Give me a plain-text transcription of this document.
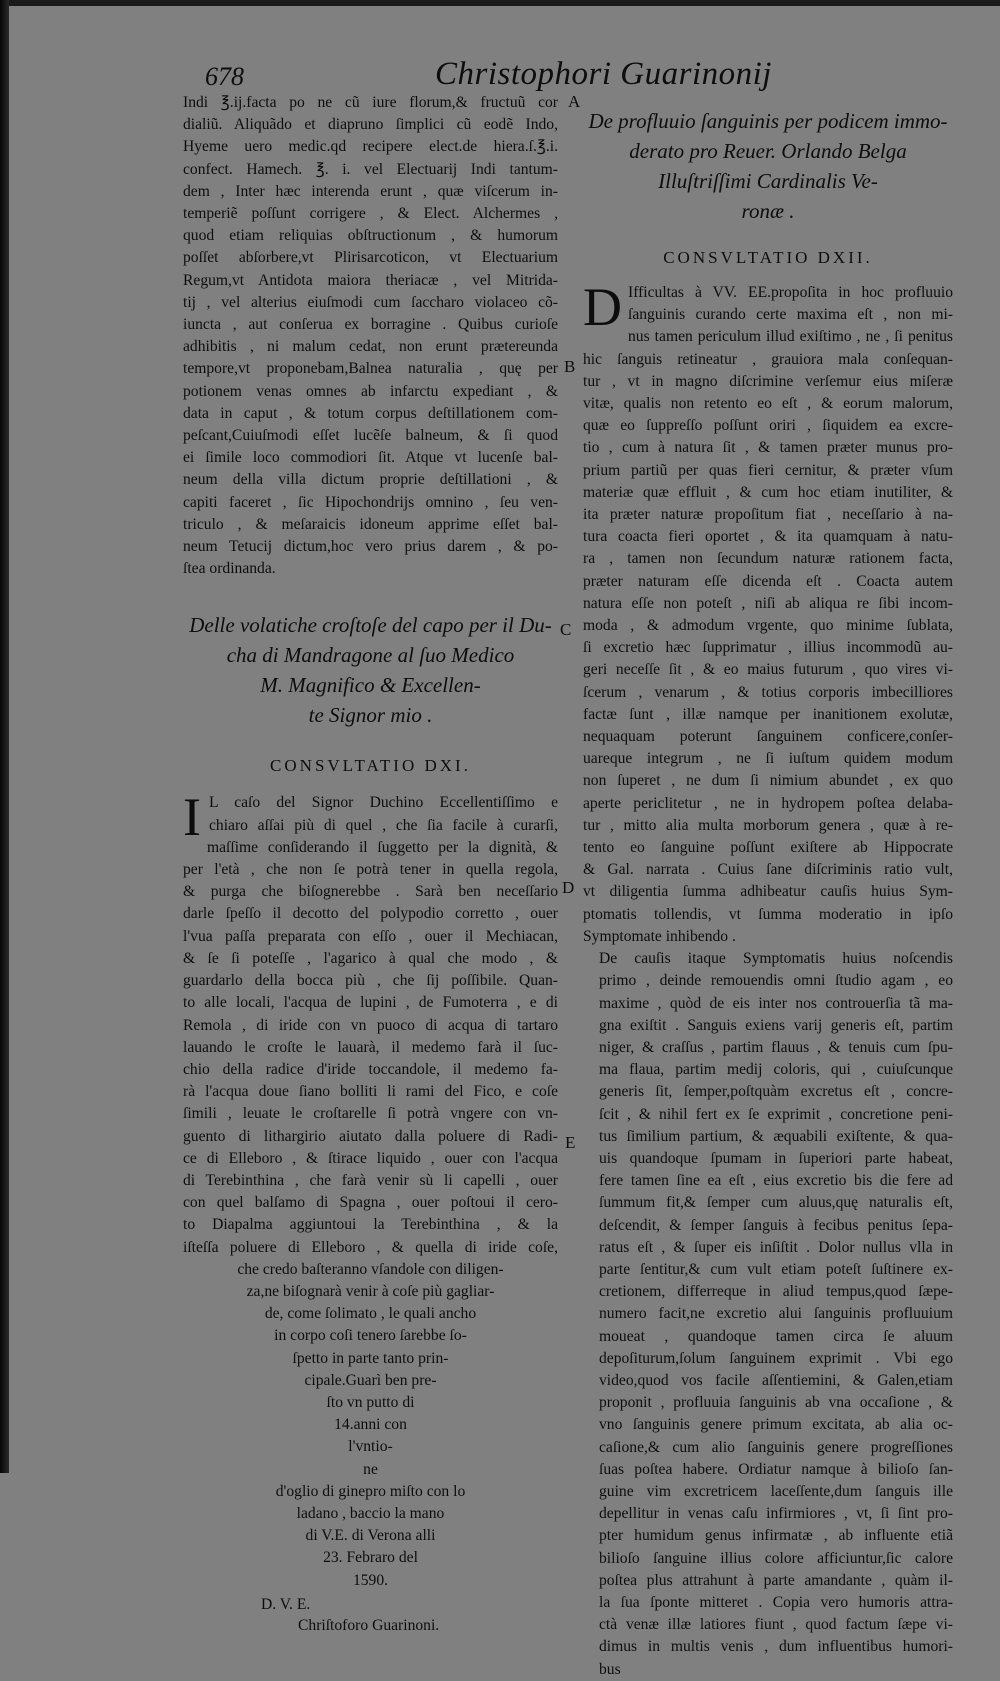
678	Christophori Guarinonij
A
B
C
D
E
Indi ℥.ij.facta po ne cũ iure florum,& fructuũ cor
dialiũ. Aliquãdo et diapruno ſimplici cũ eodẽ Indo,
Hyeme uero medic.qd recipere elect.de hiera.ſ.℥.i.
confect. Hamech. ℥. i. vel Electuarij Indi tantum-
dem , Inter hæc interenda erunt , quæ viſcerum in-
temperiẽ poſſunt corrigere , & Elect. Alchermes ,
quod etiam reliquias obſtructionum , & humorum
poſſet abſorbere,vt Plirisarcoticon, vt Electuarium
Regum,vt Antidota maiora theriacæ , vel Mitrida-
tij , vel alterius eiuſmodi cum ſaccharo violaceo cõ-
iuncta , aut conſerua ex borragine . Quibus curioſe
adhibitis , ni malum cedat, non erunt prætereunda
tempore,vt proponebam,Balnea naturalia , quę per
potionem venas omnes ab infarctu expediant , &
data in caput , & totum corpus deſtillationem com-
peſcant,Cuiuſmodi eſſet lucẽſe balneum, & ſi quod
ei ſimile loco commodiori ſit. Atque vt lucenſe bal-
neum della villa dictum proprie deſtillationi , &
capiti faceret , ſic Hipochondrijs omnino , ſeu ven-
triculo , & meſaraicis idoneum apprime eſſet bal-
neum Tetucij dictum,hoc vero prius darem , & po-
ſtea ordinanda.
Delle volatiche croſtoſe del capo per il Du-
cha di Mandragone al ſuo Medico
M. Magnifico & Excellen-
te Signor mio .

CONSVLTATIO DXI.

I L caſo del Signor Duchino Eccellentiſſimo e
chiaro aſſai più di quel , che ſia facile à curarſi,
maſſime conſiderando il ſuggetto per la dignità, &
per l'età , che non ſe potrà tener in quella regola,
& purga che biſognerebbe . Sarà ben neceſſario
darle ſpeſſo il decotto del polypodio corretto , ouer
l'vua paſſa preparata con eſſo , ouer il Mechiacan,
& ſe ſi poteſſe , l'agarico à qual che modo , &
guardarlo della bocca più , che ſij poſſibile. Quan-
to alle locali, l'acqua de lupini , de Fumoterra , e di
Remola , di iride con vn puoco di acqua di tartaro
lauando le croſte le lauarà, il medemo farà il ſuc-
chio della radice d'iride toccandole, il medemo fa-
rà l'acqua doue ſiano bolliti li rami del Fico, e coſe
ſimili , leuate le croſtarelle ſi potrà vngere con vn-
guento di lithargirio aiutato dalla poluere di Radi-
ce di Elleboro , & ſtirace liquido , ouer con l'acqua
di Terebinthina , che farà venir sù li capelli , ouer
con quel balſamo di Spagna , ouer poſtoui il cero-
to Diapalma aggiuntoui la Terebinthina , & la
iſteſſa poluere di Elleboro , & quella di iride coſe,
che credo baſteranno vſandole con diligen-
za,ne biſognarà venir à coſe più gagliar-
de, come ſolimato , le quali ancho
in corpo coſi tenero ſarebbe ſo-
ſpetto in parte tanto prin-
cipale.Guarì ben pre-
ſto vn putto di
14.anni con
l'vntio-
ne
d'oglio di ginepro miſto con lo
ladano , baccio la mano
di V.E. di Verona alli
23. Febraro del
1590.
D. V. E.
Chriſtoforo Guarinoni.
De profluuio ſanguinis per podicem immo-
derato pro Reuer. Orlando Belga
Illuſtriſſimi Cardinalis Ve-
ronæ .

CONSVLTATIO DXII.

D Ifficultas à VV. EE.propoſita in hoc profluuio
ſanguinis curando certe maxima eſt , non mi-
nus tamen periculum illud exiſtimo , ne , ſi penitus
hic ſanguis retineatur , grauiora mala conſequan-
tur , vt in magno diſcrimine verſemur eius miſeræ
vitæ, qualis non retento eo eſt , & eorum malorum,
quæ eo ſuppreſſo poſſunt oriri , ſiquidem ea excre-
tio , cum à natura ſit , & tamen præter munus pro-
prium partiũ per quas fieri cernitur, & præter vſum
materiæ quæ effluit , & cum hoc etiam inutiliter, &
ita præter naturæ propoſitum fiat , neceſſario à na-
tura coacta fieri oportet , & ita quamquam à natu-
ra , tamen non ſecundum naturæ rationem facta,
præter naturam eſſe dicenda eſt . Coacta autem
natura eſſe non poteſt , niſi ab aliqua re ſibi incom-
moda , & admodum vrgente, quo minime ſublata,
ſi excretio hæc ſupprimatur , illius incommodũ au-
geri neceſſe ſit , & eo maius futurum , quo vires vi-
ſcerum , venarum , & totius corporis imbecilliores
factæ ſunt , illæ namque per inanitionem exolutæ,
nequaquam poterunt ſanguinem conficere,conſer-
uareque integrum , ne ſi iuſtum quidem modum
non ſuperet , ne dum ſi nimium abundet , ex quo
aperte periclitetur , ne in hydropem poſtea delaba-
tur , mitto alia multa morborum genera , quæ à re-
tento eo ſanguine poſſunt exiſtere ab Hippocrate
& Gal. narrata . Cuius ſane diſcriminis ratio vult,
vt diligentia ſumma adhibeatur cauſis huius Sym-
ptomatis tollendis, vt ſumma moderatio in ipſo
Symptomate inhibendo .
De cauſis itaque Symptomatis huius noſcendis
primo , deinde remouendis omni ſtudio agam , eo
maxime , quòd de eis inter nos controuerſia tã ma-
gna exiſtit . Sanguis exiens varij generis eſt, partim
niger, & craſſus , partim flauus , & tenuis cum ſpu-
ma flaua, partim medij coloris, qui , cuiuſcunque
generis ſit, ſemper,poſtquàm excretus eſt , concre-
ſcit , & nihil fert ex ſe exprimit , concretione peni-
tus ſimilium partium, & æquabili exiſtente, & qua-
uis quandoque ſpumam in ſuperiori parte habeat,
fere tamen ſine ea eſt , eius excretio bis die fere ad
ſummum fit,& ſemper cum aluus,quę naturalis eſt,
deſcendit, & ſemper ſanguis à fecibus penitus ſepa-
ratus eſt , & ſuper eis inſiſtit . Dolor nullus vlla in
parte ſentitur,& cum vult etiam poteſt ſuſtinere ex-
cretionem, differreque in aliud tempus,quod ſæpe-
numero facit,ne excretio alui ſanguinis profluuium
moueat , quandoque tamen circa ſe aluum
depoſiturum,ſolum ſanguinem exprimit . Vbi ego
video,quod vos facile aſſentiemini, & Galen,etiam
proponit , profluuia ſanguinis ab vna occaſione , &
vno ſanguinis genere primum excitata, ab alia oc-
caſione,& cum alio ſanguinis genere progreſſiones
ſuas poſtea habere. Ordiatur namque à bilioſo ſan-
guine vim excretricem laceſſente,dum ſanguis ille
depellitur in venas caſu infirmiores , vt, ſi ſint pro-
pter humidum genus infirmatæ , ab influente etiã
bilioſo ſanguine illius colore afficiuntur,ſic calore
poſtea plus attrahunt à parte amandante , quàm il-
la ſua ſponte mitteret . Copia vero humoris attra-
ctà venæ illæ latiores fiunt , quod factum ſæpe vi-
dimus in multis venis , dum influentibus humori-
bus
